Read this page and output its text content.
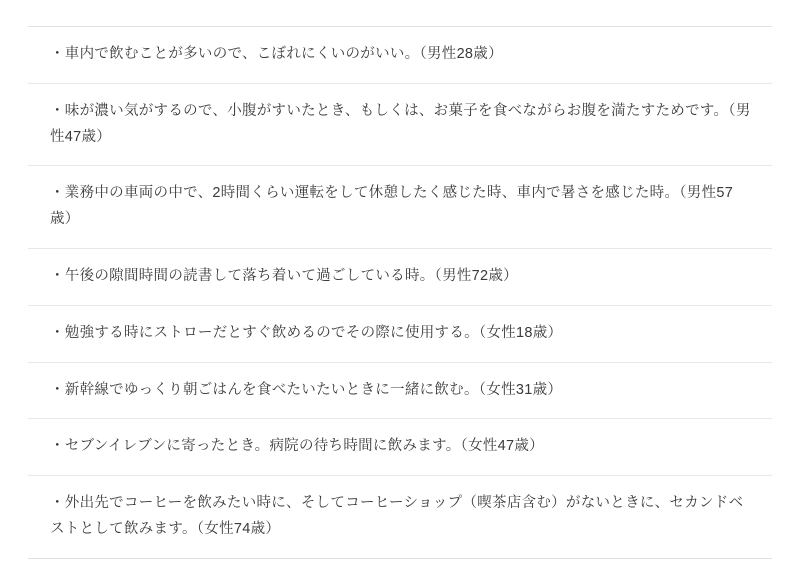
・車内で飲むことが多いので、こぼれにくいのがいい。（男性28歳）
・味が濃い気がするので、小腹がすいたとき、もしくは、お菓子を食べながらお腹を満たすためです。（男性47歳）
・業務中の車両の中で、2時間くらい運転をして休憩したく感じた時、車内で暑さを感じた時。（男性57歳）
・午後の隙間時間の読書して落ち着いて過ごしている時。（男性72歳）
・勉強する時にストローだとすぐ飲めるのでその際に使用する。（女性18歳）
・新幹線でゆっくり朝ごはんを食べたいたいときに一緒に飲む。（女性31歳）
・セブンイレブンに寄ったとき。病院の待ち時間に飲みます。（女性47歳）
・外出先でコーヒーを飲みたい時に、そしてコーヒーショップ（喫茶店含む）がないときに、セカンドベストとして飲みます。（女性74歳）
